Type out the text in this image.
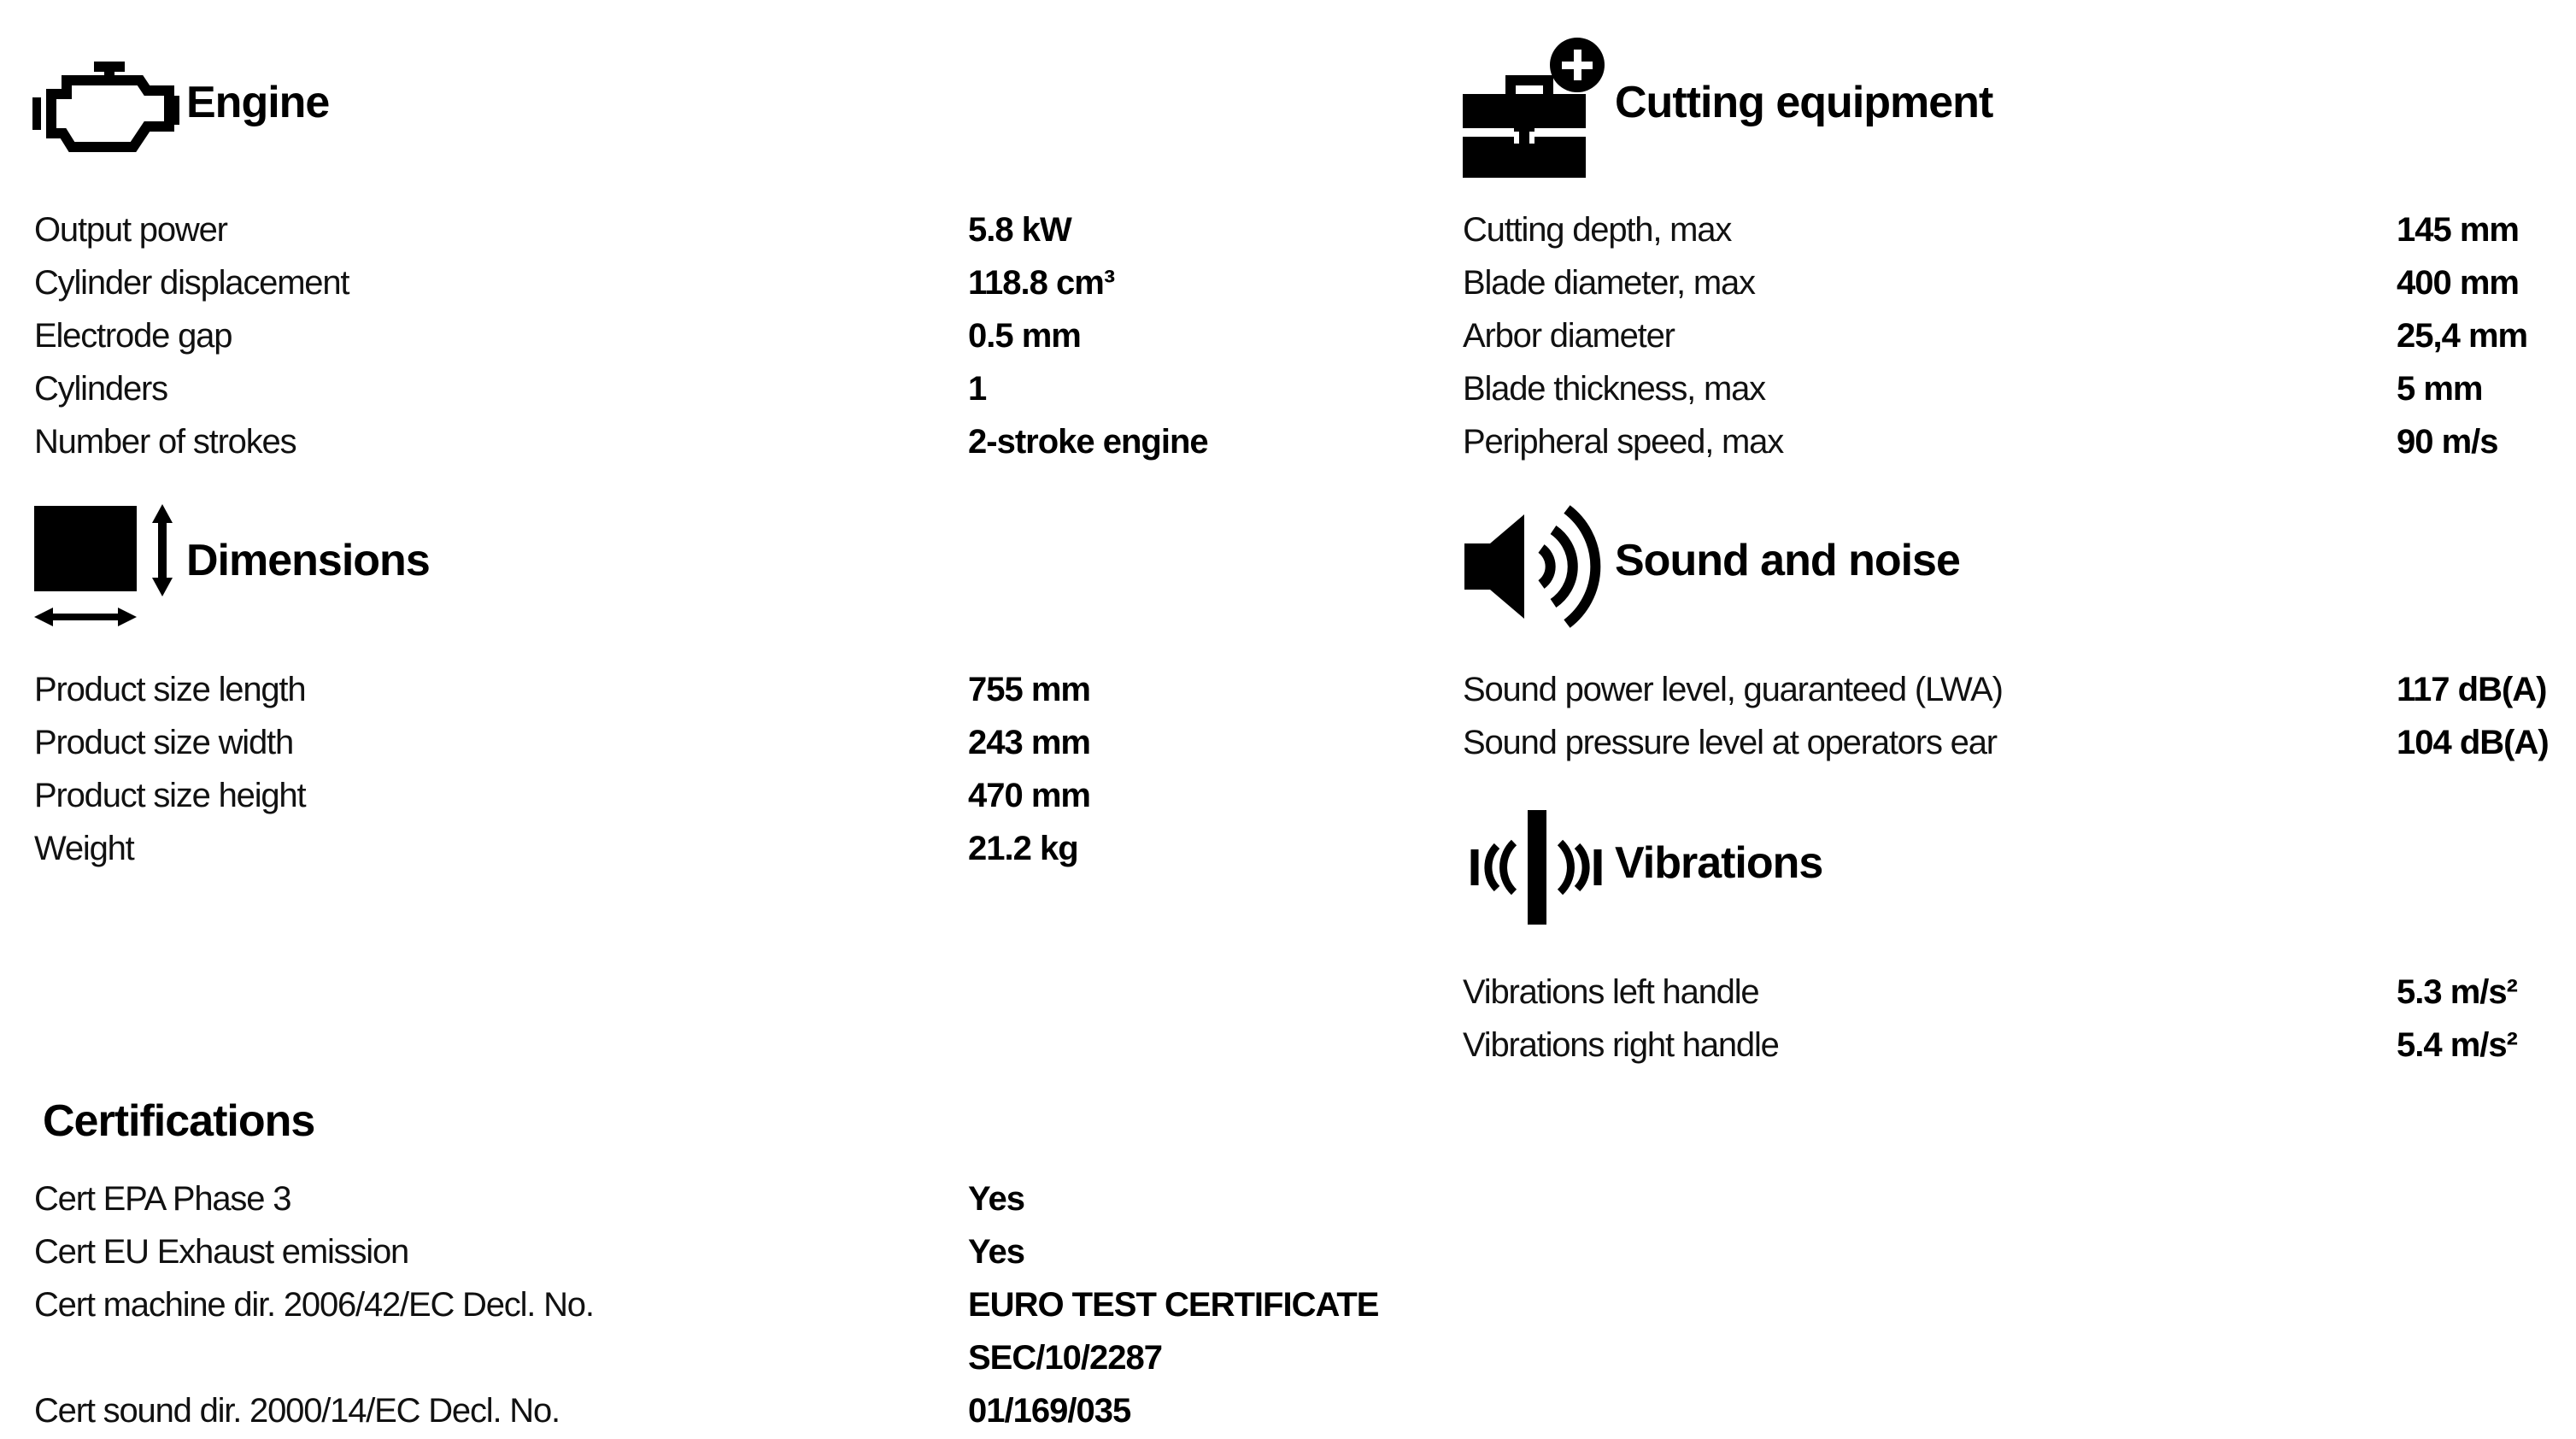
Engine
Output power	5.8 kW
Cylinder displacement	118.8 cm³
Electrode gap	0.5 mm
Cylinders	1
Number of strokes	2-stroke engine
Dimensions
Product size length	755 mm
Product size width	243 mm
Product size height	470 mm
Weight	21.2 kg
Certifications
Cert EPA Phase 3	Yes
Cert EU Exhaust emission	Yes
Cert machine dir. 2006/42/EC Decl. No.	EURO TEST CERTIFICATE
SEC/10/2287
Cert sound dir. 2000/14/EC Decl. No.	01/169/035
Cutting equipment
Cutting depth, max	145 mm
Blade diameter, max	400 mm
Arbor diameter	25,4 mm
Blade thickness, max	5 mm
Peripheral speed, max	90 m/s
Sound and noise
Sound power level, guaranteed (LWA)	117 dB(A)
Sound pressure level at operators ear	104 dB(A)
Vibrations
Vibrations left handle	5.3 m/s²
Vibrations right handle	5.4 m/s²
